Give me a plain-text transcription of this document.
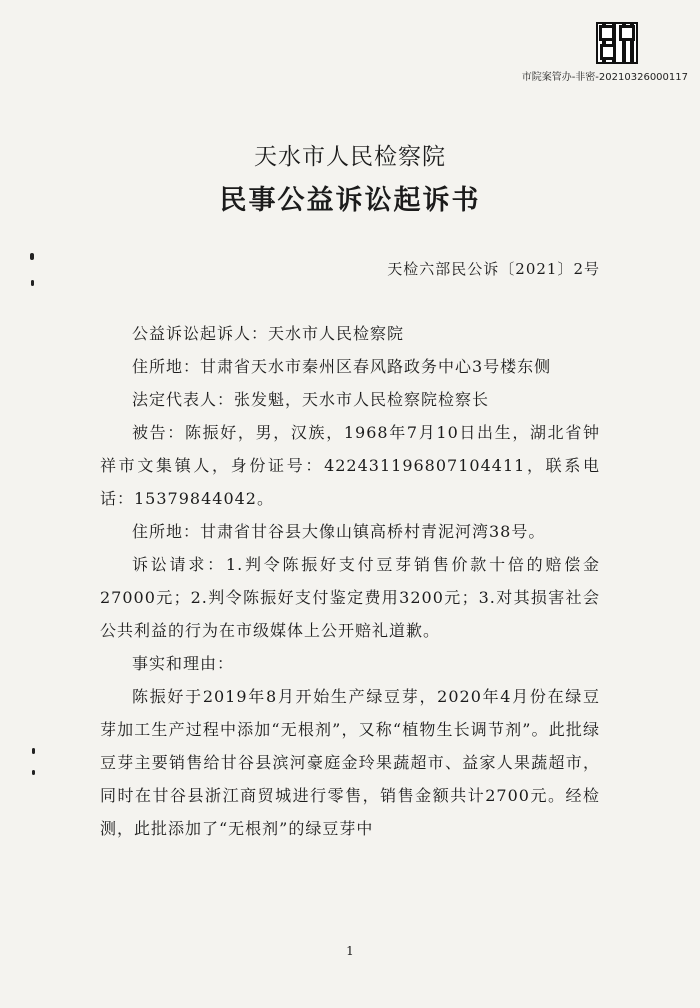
市院案管办-非密-20210326000117
天水市人民检察院
民事公益诉讼起诉书
天检六部民公诉〔2021〕2号

公益诉讼起诉人：天水市人民检察院

住所地：甘肃省天水市秦州区春风路政务中心3号楼东侧

法定代表人：张发魁，天水市人民检察院检察长

被告：陈振好，男，汉族，1968年7月10日出生，湖北省钟祥市文集镇人，身份证号：422431196807104411，联系电话：15379844042。

住所地：甘肃省甘谷县大像山镇高桥村青泥河湾38号。

诉讼请求：1.判令陈振好支付豆芽销售价款十倍的赔偿金27000元；2.判令陈振好支付鉴定费用3200元；3.对其损害社会公共利益的行为在市级媒体上公开赔礼道歉。

事实和理由：

陈振好于2019年8月开始生产绿豆芽，2020年4月份在绿豆芽加工生产过程中添加“无根剂”，又称“植物生长调节剂”。此批绿豆芽主要销售给甘谷县滨河豪庭金玲果蔬超市、益家人果蔬超市，同时在甘谷县浙江商贸城进行零售，销售金额共计2700元。经检测，此批添加了“无根剂”的绿豆芽中

1
